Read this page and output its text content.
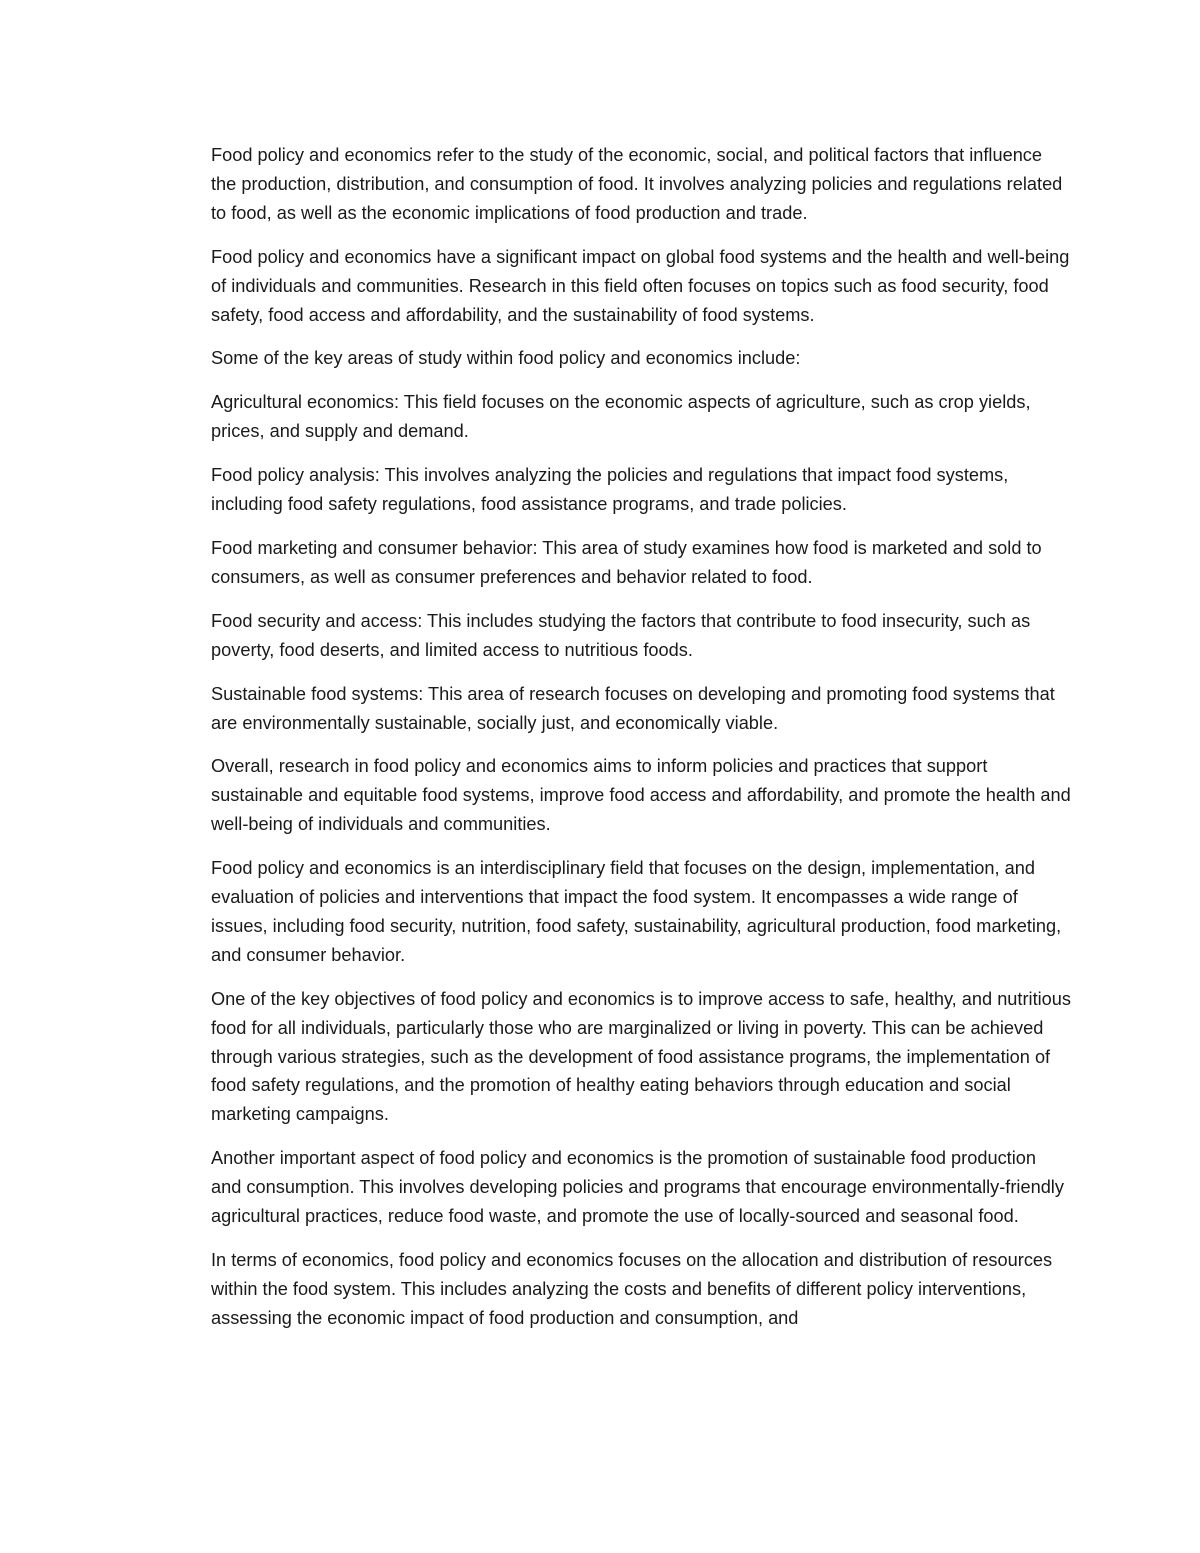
Food policy and economics refer to the study of the economic, social, and political factors that influence the production, distribution, and consumption of food. It involves analyzing policies and regulations related to food, as well as the economic implications of food production and trade.

Food policy and economics have a significant impact on global food systems and the health and well-being of individuals and communities. Research in this field often focuses on topics such as food security, food safety, food access and affordability, and the sustainability of food systems.

Some of the key areas of study within food policy and economics include:

Agricultural economics: This field focuses on the economic aspects of agriculture, such as crop yields, prices, and supply and demand.

Food policy analysis: This involves analyzing the policies and regulations that impact food systems, including food safety regulations, food assistance programs, and trade policies.

Food marketing and consumer behavior: This area of study examines how food is marketed and sold to consumers, as well as consumer preferences and behavior related to food.

Food security and access: This includes studying the factors that contribute to food insecurity, such as poverty, food deserts, and limited access to nutritious foods.

Sustainable food systems: This area of research focuses on developing and promoting food systems that are environmentally sustainable, socially just, and economically viable.

Overall, research in food policy and economics aims to inform policies and practices that support sustainable and equitable food systems, improve food access and affordability, and promote the health and well-being of individuals and communities.

Food policy and economics is an interdisciplinary field that focuses on the design, implementation, and evaluation of policies and interventions that impact the food system. It encompasses a wide range of issues, including food security, nutrition, food safety, sustainability, agricultural production, food marketing, and consumer behavior.

One of the key objectives of food policy and economics is to improve access to safe, healthy, and nutritious food for all individuals, particularly those who are marginalized or living in poverty. This can be achieved through various strategies, such as the development of food assistance programs, the implementation of food safety regulations, and the promotion of healthy eating behaviors through education and social marketing campaigns.

Another important aspect of food policy and economics is the promotion of sustainable food production and consumption. This involves developing policies and programs that encourage environmentally-friendly agricultural practices, reduce food waste, and promote the use of locally-sourced and seasonal food.

In terms of economics, food policy and economics focuses on the allocation and distribution of resources within the food system. This includes analyzing the costs and benefits of different policy interventions, assessing the economic impact of food production and consumption, and
